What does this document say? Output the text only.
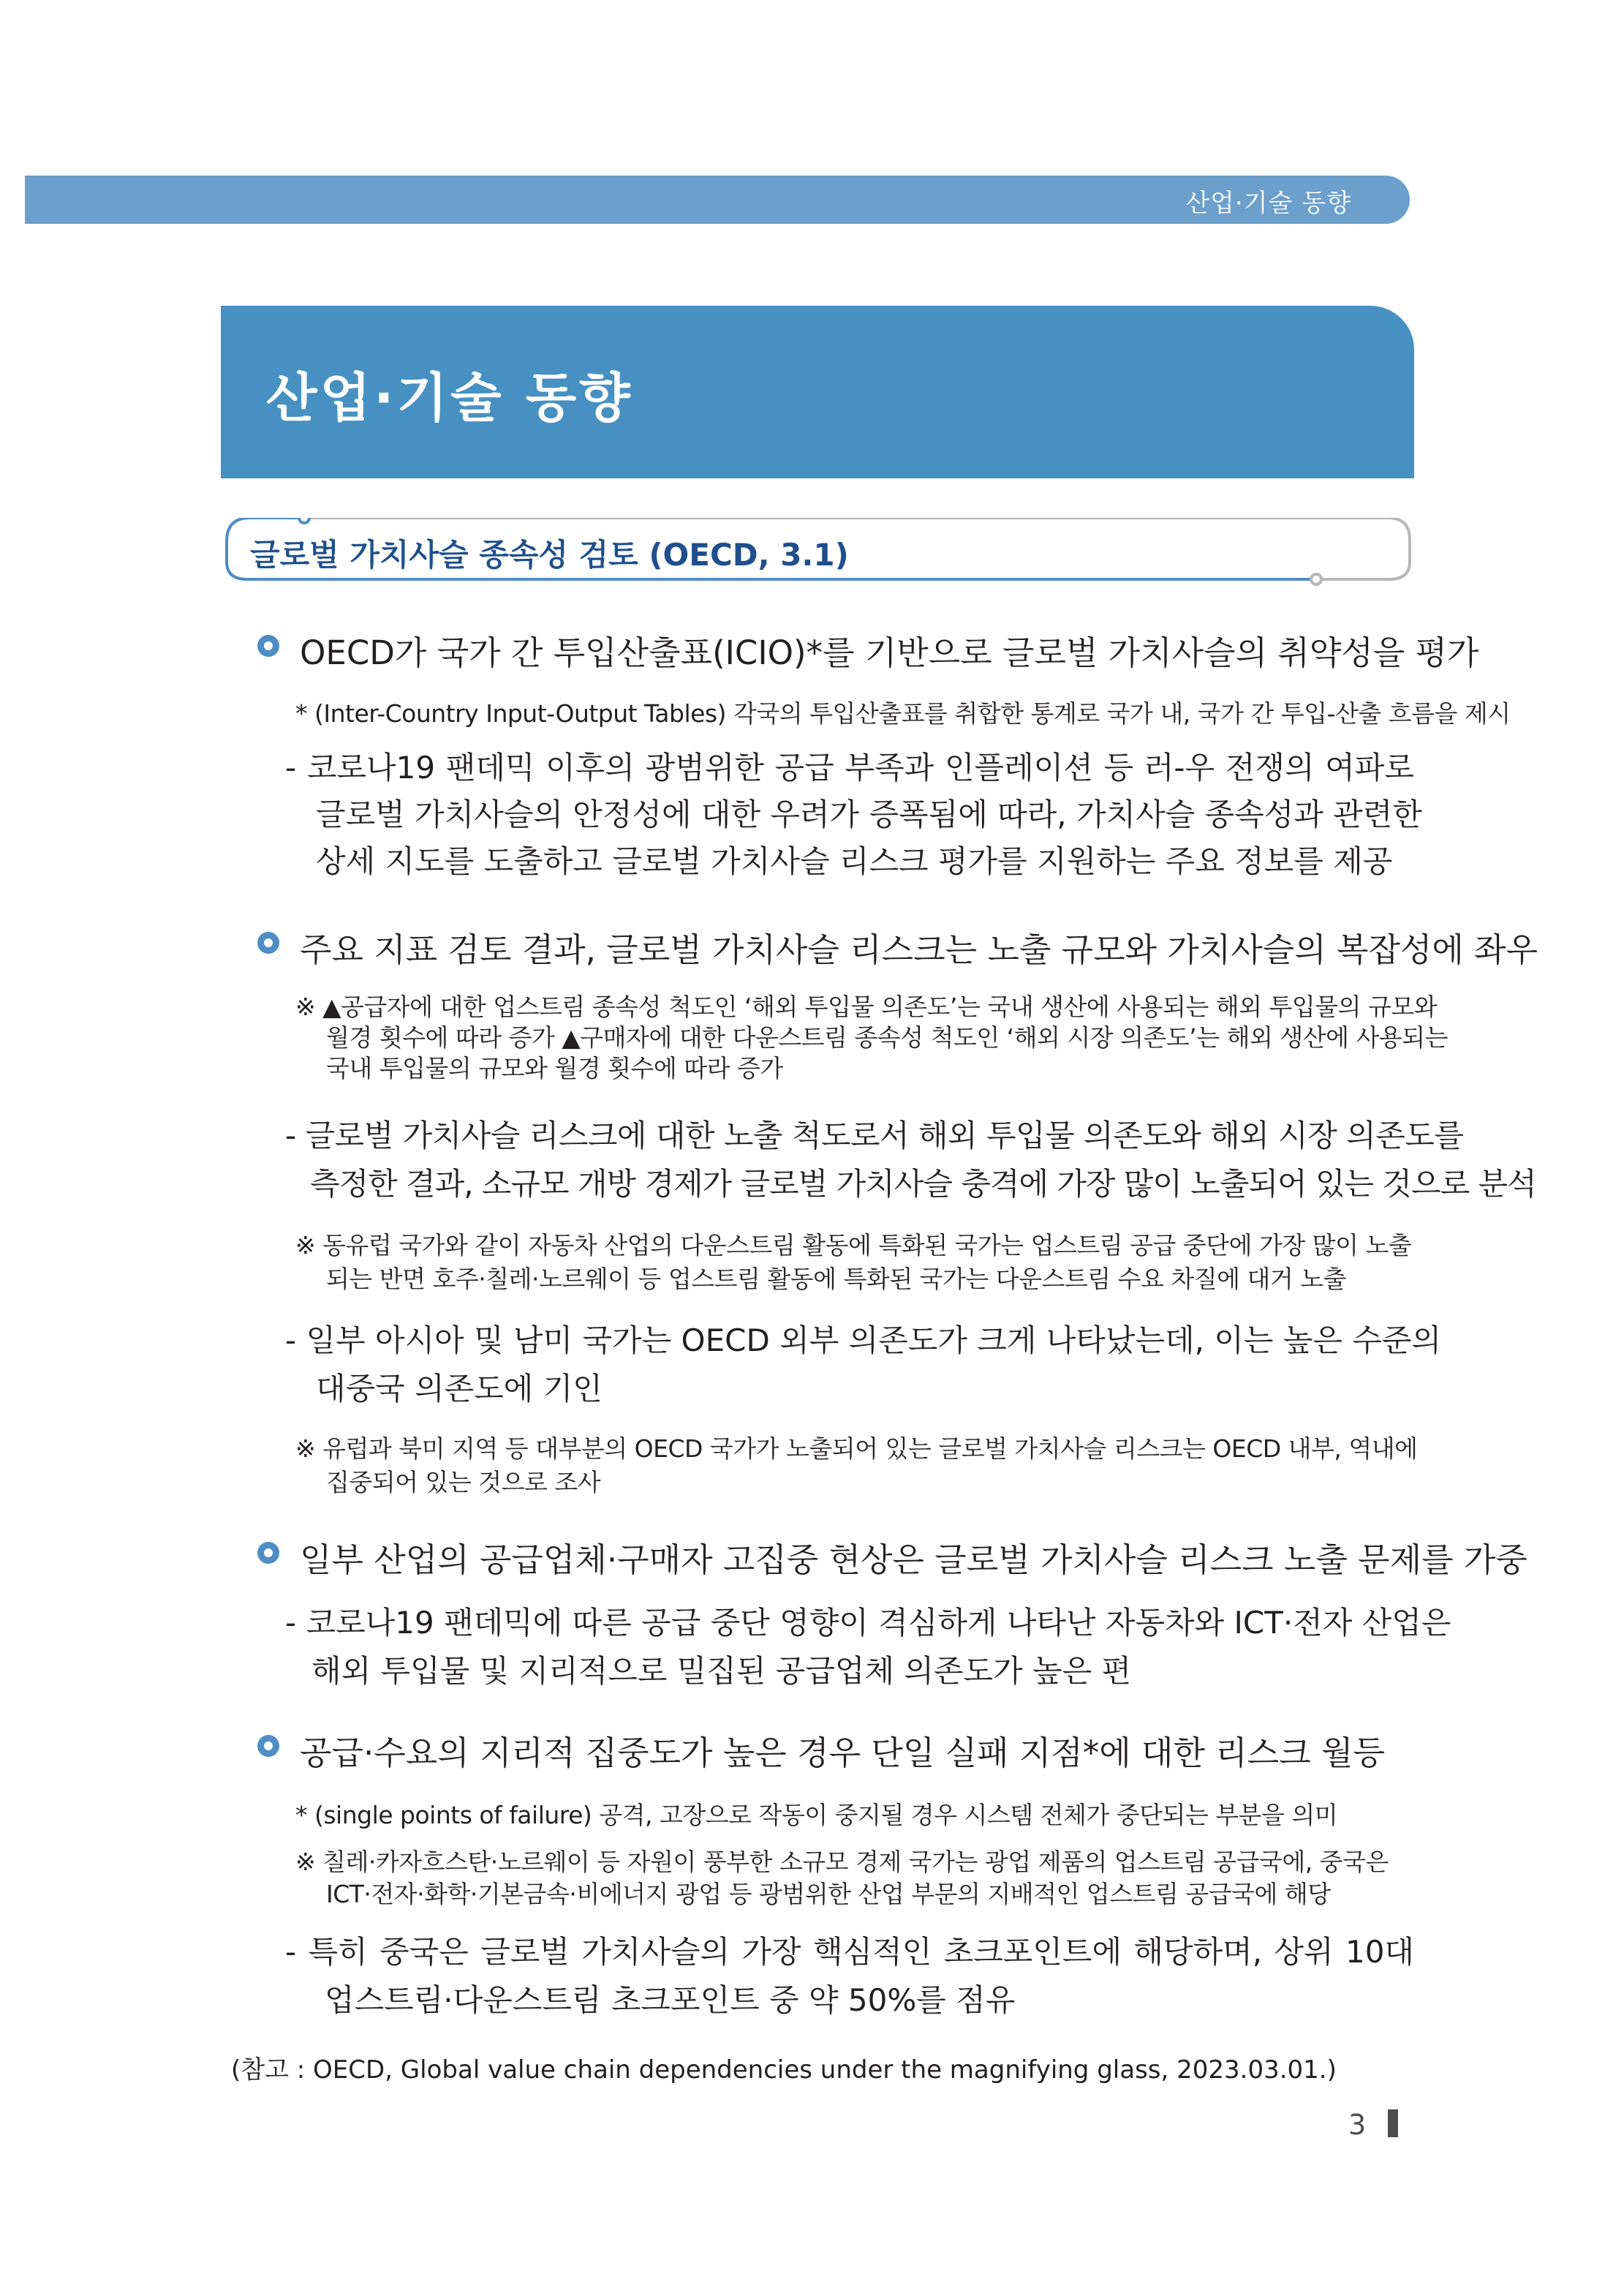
산업·기술 동향
산업·기술 동향
글로벌 가치사슬 종속성 검토 (OECD, 3.1)
OECD가 국가 간 투입산출표(ICIO)*를 기반으로 글로벌 가치사슬의 취약성을 평가
* (Inter-Country Input-Output Tables) 각국의 투입산출표를 취합한 통계로 국가 내, 국가 간 투입-산출 흐름을 제시
- 코로나19 팬데믹 이후의 광범위한 공급 부족과 인플레이션 등 러-우 전쟁의 여파로
글로벌 가치사슬의 안정성에 대한 우려가 증폭됨에 따라, 가치사슬 종속성과 관련한
상세 지도를 도출하고 글로벌 가치사슬 리스크 평가를 지원하는 주요 정보를 제공
주요 지표 검토 결과, 글로벌 가치사슬 리스크는 노출 규모와 가치사슬의 복잡성에 좌우
※ ▲공급자에 대한 업스트림 종속성 척도인 ‘해외 투입물 의존도’는 국내 생산에 사용되는 해외 투입물의 규모와
월경 횟수에 따라 증가 ▲구매자에 대한 다운스트림 종속성 척도인 ‘해외 시장 의존도’는 해외 생산에 사용되는
국내 투입물의 규모와 월경 횟수에 따라 증가
- 글로벌 가치사슬 리스크에 대한 노출 척도로서 해외 투입물 의존도와 해외 시장 의존도를
측정한 결과, 소규모 개방 경제가 글로벌 가치사슬 충격에 가장 많이 노출되어 있는 것으로 분석
※ 동유럽 국가와 같이 자동차 산업의 다운스트림 활동에 특화된 국가는 업스트림 공급 중단에 가장 많이 노출
되는 반면 호주·칠레·노르웨이 등 업스트림 활동에 특화된 국가는 다운스트림 수요 차질에 대거 노출
- 일부 아시아 및 남미 국가는 OECD 외부 의존도가 크게 나타났는데, 이는 높은 수준의
대중국 의존도에 기인
※ 유럽과 북미 지역 등 대부분의 OECD 국가가 노출되어 있는 글로벌 가치사슬 리스크는 OECD 내부, 역내에
집중되어 있는 것으로 조사
일부 산업의 공급업체·구매자 고집중 현상은 글로벌 가치사슬 리스크 노출 문제를 가중
- 코로나19 팬데믹에 따른 공급 중단 영향이 격심하게 나타난 자동차와 ICT·전자 산업은
해외 투입물 및 지리적으로 밀집된 공급업체 의존도가 높은 편
공급·수요의 지리적 집중도가 높은 경우 단일 실패 지점*에 대한 리스크 월등
* (single points of failure) 공격, 고장으로 작동이 중지될 경우 시스템 전체가 중단되는 부분을 의미
※ 칠레·카자흐스탄·노르웨이 등 자원이 풍부한 소규모 경제 국가는 광업 제품의 업스트림 공급국에, 중국은
ICT·전자·화학·기본금속·비에너지 광업 등 광범위한 산업 부문의 지배적인 업스트림 공급국에 해당
- 특히 중국은 글로벌 가치사슬의 가장 핵심적인 초크포인트에 해당하며, 상위 10대
업스트림·다운스트림 초크포인트 중 약 50%를 점유
(참고 : OECD, Global value chain dependencies under the magnifying glass, 2023.03.01.)
3
